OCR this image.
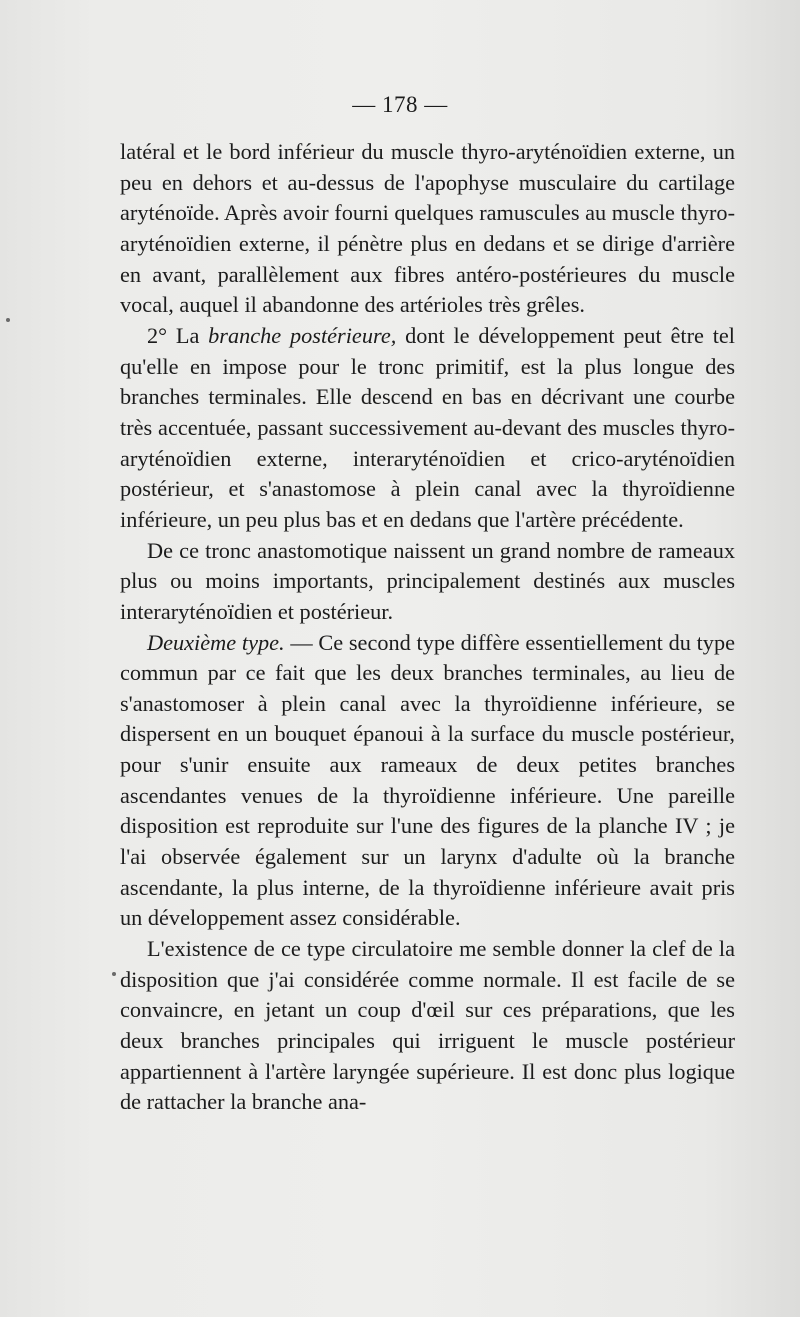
— 178 —

latéral et le bord inférieur du muscle thyro-aryténoïdien externe, un peu en dehors et au-dessus de l'apophyse musculaire du cartilage aryténoïde. Après avoir fourni quelques ramuscules au muscle thyro-aryténoïdien externe, il pénètre plus en dedans et se dirige d'arrière en avant, parallèlement aux fibres antéro-postérieures du muscle vocal, auquel il abandonne des artérioles très grêles.

2° La branche postérieure, dont le développement peut être tel qu'elle en impose pour le tronc primitif, est la plus longue des branches terminales. Elle descend en bas en décrivant une courbe très accentuée, passant successivement au-devant des muscles thyro-aryténoïdien externe, interaryténoïdien et crico-aryténoïdien postérieur, et s'anastomose à plein canal avec la thyroïdienne inférieure, un peu plus bas et en dedans que l'artère précédente.

De ce tronc anastomotique naissent un grand nombre de rameaux plus ou moins importants, principalement destinés aux muscles interaryténoïdien et postérieur.

Deuxième type. — Ce second type diffère essentiellement du type commun par ce fait que les deux branches terminales, au lieu de s'anastomoser à plein canal avec la thyroïdienne inférieure, se dispersent en un bouquet épanoui à la surface du muscle postérieur, pour s'unir ensuite aux rameaux de deux petites branches ascendantes venues de la thyroïdienne inférieure. Une pareille disposition est reproduite sur l'une des figures de la planche IV ; je l'ai observée également sur un larynx d'adulte où la branche ascendante, la plus interne, de la thyroïdienne inférieure avait pris un développement assez considérable.

L'existence de ce type circulatoire me semble donner la clef de la disposition que j'ai considérée comme normale. Il est facile de se convaincre, en jetant un coup d'œil sur ces préparations, que les deux branches principales qui irriguent le muscle postérieur appartiennent à l'artère laryngée supérieure. Il est donc plus logique de rattacher la branche ana-
